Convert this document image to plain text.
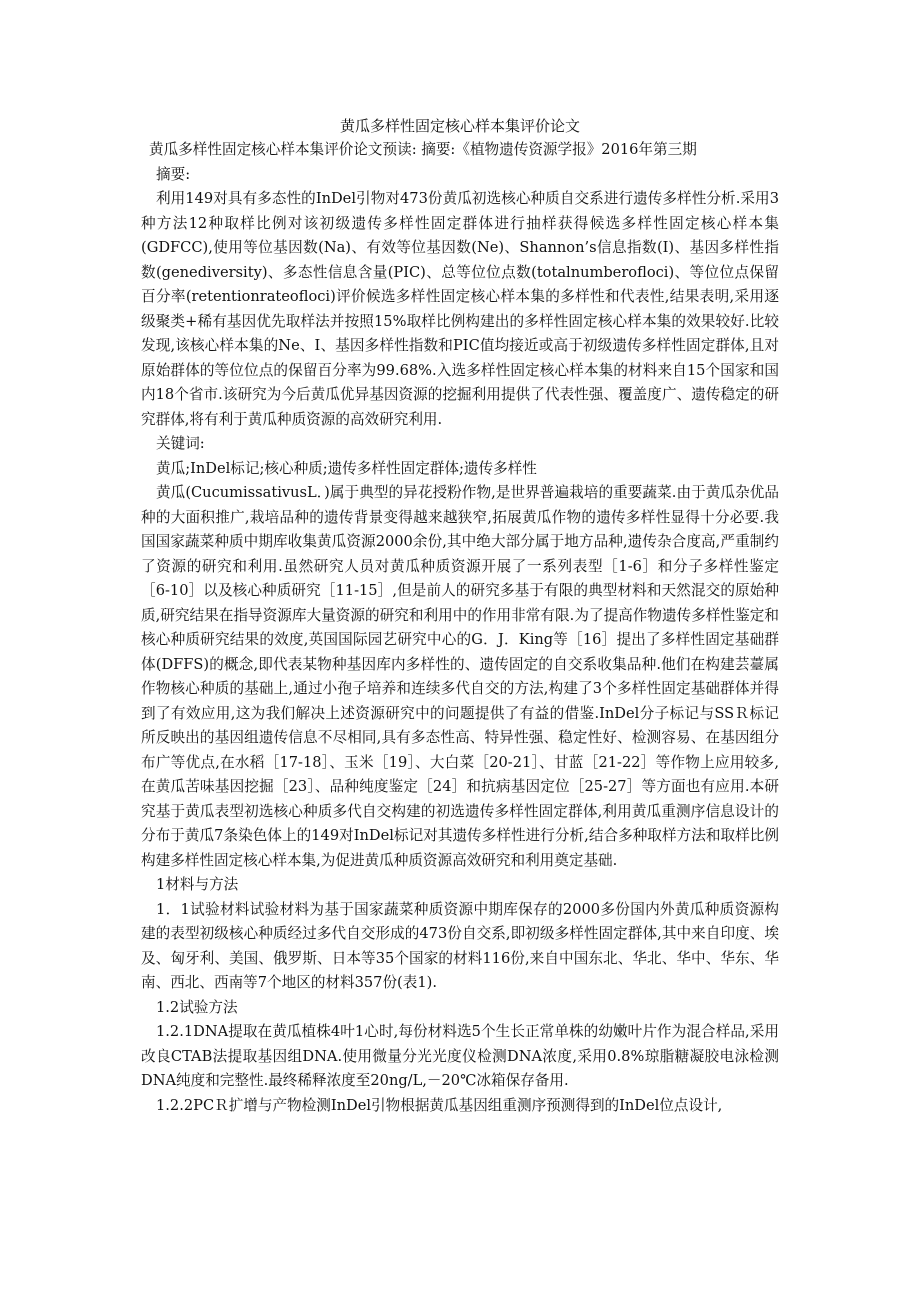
黄瓜多样性固定核心样本集评价论文

黄瓜多样性固定核心样本集评价论文预读: 摘要:《植物遗传资源学报》2016年第三期

摘要:

利用149对具有多态性的InDel引物对473份黄瓜初选核心种质自交系进行遗传多样性分析.采用3种方法12种取样比例对该初级遗传多样性固定群体进行抽样获得候选多样性固定核心样本集(GDFCC),使用等位基因数(Na)、有效等位基因数(Ne)、Shannon’s信息指数(I)、基因多样性指数(genediversity)、多态性信息含量(PIC)、总等位位点数(totalnumberofloci)、等位位点保留百分率(retentionrateofloci)评价候选多样性固定核心样本集的多样性和代表性,结果表明,采用逐级聚类+稀有基因优先取样法并按照15%取样比例构建出的多样性固定核心样本集的效果较好.比较发现,该核心样本集的Ne、I、基因多样性指数和PIC值均接近或高于初级遗传多样性固定群体,且对原始群体的等位位点的保留百分率为99.68%.入选多样性固定核心样本集的材料来自15个国家和国内18个省市.该研究为今后黄瓜优异基因资源的挖掘利用提供了代表性强、覆盖度广、遗传稳定的研究群体,将有利于黄瓜种质资源的高效研究利用.

关键词:

黄瓜;InDel标记;核心种质;遗传多样性固定群体;遗传多样性

黄瓜(CucumissativusL．)属于典型的异花授粉作物,是世界普遍栽培的重要蔬菜.由于黄瓜杂优品种的大面积推广,栽培品种的遗传背景变得越来越狭窄,拓展黄瓜作物的遗传多样性显得十分必要.我国国家蔬菜种质中期库收集黄瓜资源2000余份,其中绝大部分属于地方品种,遗传杂合度高,严重制约了资源的研究和利用.虽然研究人员对黄瓜种质资源开展了一系列表型［1-6］和分子多样性鉴定［6-10］以及核心种质研究［11-15］,但是前人的研究多基于有限的典型材料和天然混交的原始种质,研究结果在指导资源库大量资源的研究和利用中的作用非常有限.为了提高作物遗传多样性鉴定和核心种质研究结果的效度,英国国际园艺研究中心的G．J．King等［16］提出了多样性固定基础群体(DFFS)的概念,即代表某物种基因库内多样性的、遗传固定的自交系收集品种.他们在构建芸薹属作物核心种质的基础上,通过小孢子培养和连续多代自交的方法,构建了3个多样性固定基础群体并得到了有效应用,这为我们解决上述资源研究中的问题提供了有益的借鉴.InDel分子标记与SSＲ标记所反映出的基因组遗传信息不尽相同,具有多态性高、特异性强、稳定性好、检测容易、在基因组分布广等优点,在水稻［17-18］、玉米［19］、大白菜［20-21］、甘蓝［21-22］等作物上应用较多,在黄瓜苦味基因挖掘［23］、品种纯度鉴定［24］和抗病基因定位［25-27］等方面也有应用.本研究基于黄瓜表型初选核心种质多代自交构建的初选遗传多样性固定群体,利用黄瓜重测序信息设计的分布于黄瓜7条染色体上的149对InDel标记对其遗传多样性进行分析,结合多种取样方法和取样比例构建多样性固定核心样本集,为促进黄瓜种质资源高效研究和利用奠定基础.

1材料与方法

1．1试验材料试验材料为基于国家蔬菜种质资源中期库保存的2000多份国内外黄瓜种质资源构建的表型初级核心种质经过多代自交形成的473份自交系,即初级多样性固定群体,其中来自印度、埃及、匈牙利、美国、俄罗斯、日本等35个国家的材料116份,来自中国东北、华北、华中、华东、华南、西北、西南等7个地区的材料357份(表1).

1.2试验方法

1.2.1DNA提取在黄瓜植株4叶1心时,每份材料选5个生长正常单株的幼嫩叶片作为混合样品,采用改良CTAB法提取基因组DNA.使用微量分光光度仪检测DNA浓度,采用0.8%琼脂糖凝胶电泳检测DNA纯度和完整性.最终稀释浓度至20ng/L,－20℃冰箱保存备用.

1.2.2PCＲ扩增与产物检测InDel引物根据黄瓜基因组重测序预测得到的InDel位点设计,
